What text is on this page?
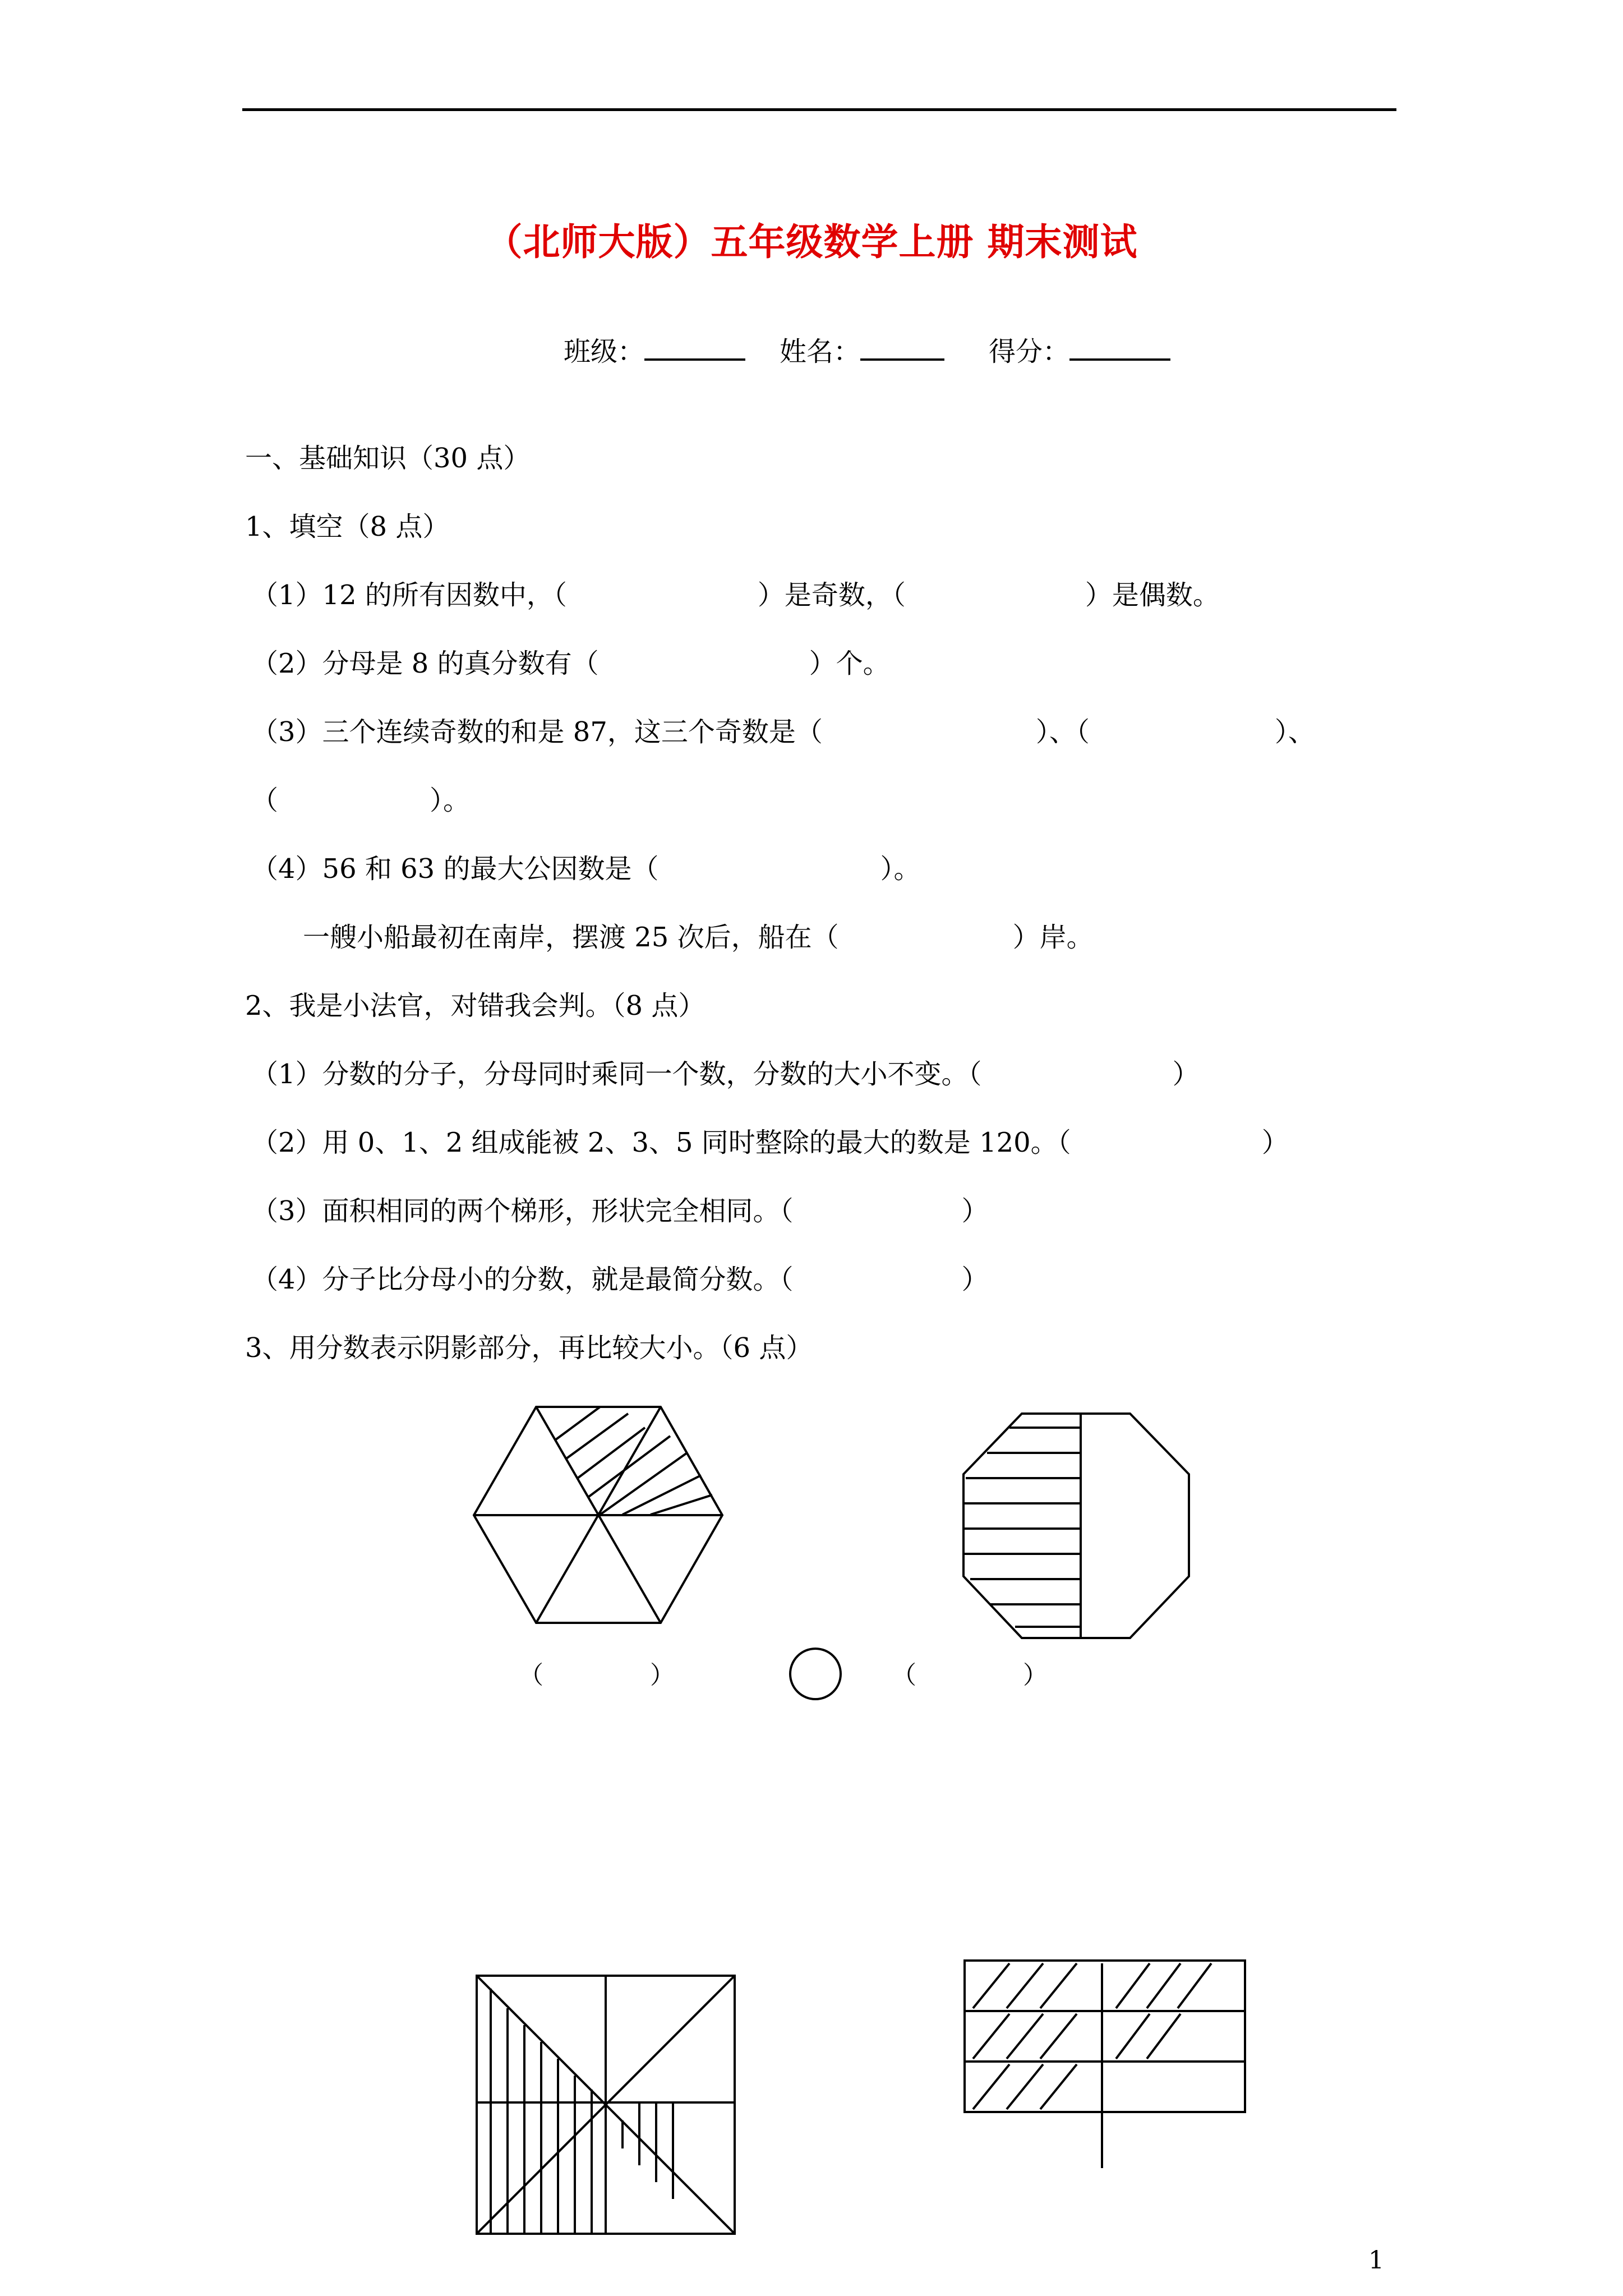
（北师大版）五年级数学上册 期末测试
班级：	姓名：	得分：
一、基础知识（30 点）
1、填空（8 点）
（1）12 的所有因数中，（	）是奇数，（	）是偶数。
（2）分母是 8 的真分数有（	）个。
（3）三个连续奇数的和是 87，这三个奇数是（	）、（	）、
（	）。
（4）56 和 63 的最大公因数是（	）。
一艘小船最初在南岸，摆渡 25 次后，船在（	）岸。
2、我是小法官，对错我会判。（8 点）
（1）分数的分子，分母同时乘同一个数，分数的大小不变。（	）
（2）用 0、1、2 组成能被 2、3、5 同时整除的最大的数是 120。（	）
（3）面积相同的两个梯形，形状完全相同。（	）
（4）分子比分母小的分数，就是最简分数。（	）
3、用分数表示阴影部分，再比较大小。（6 点）
（	）	（	）
1
